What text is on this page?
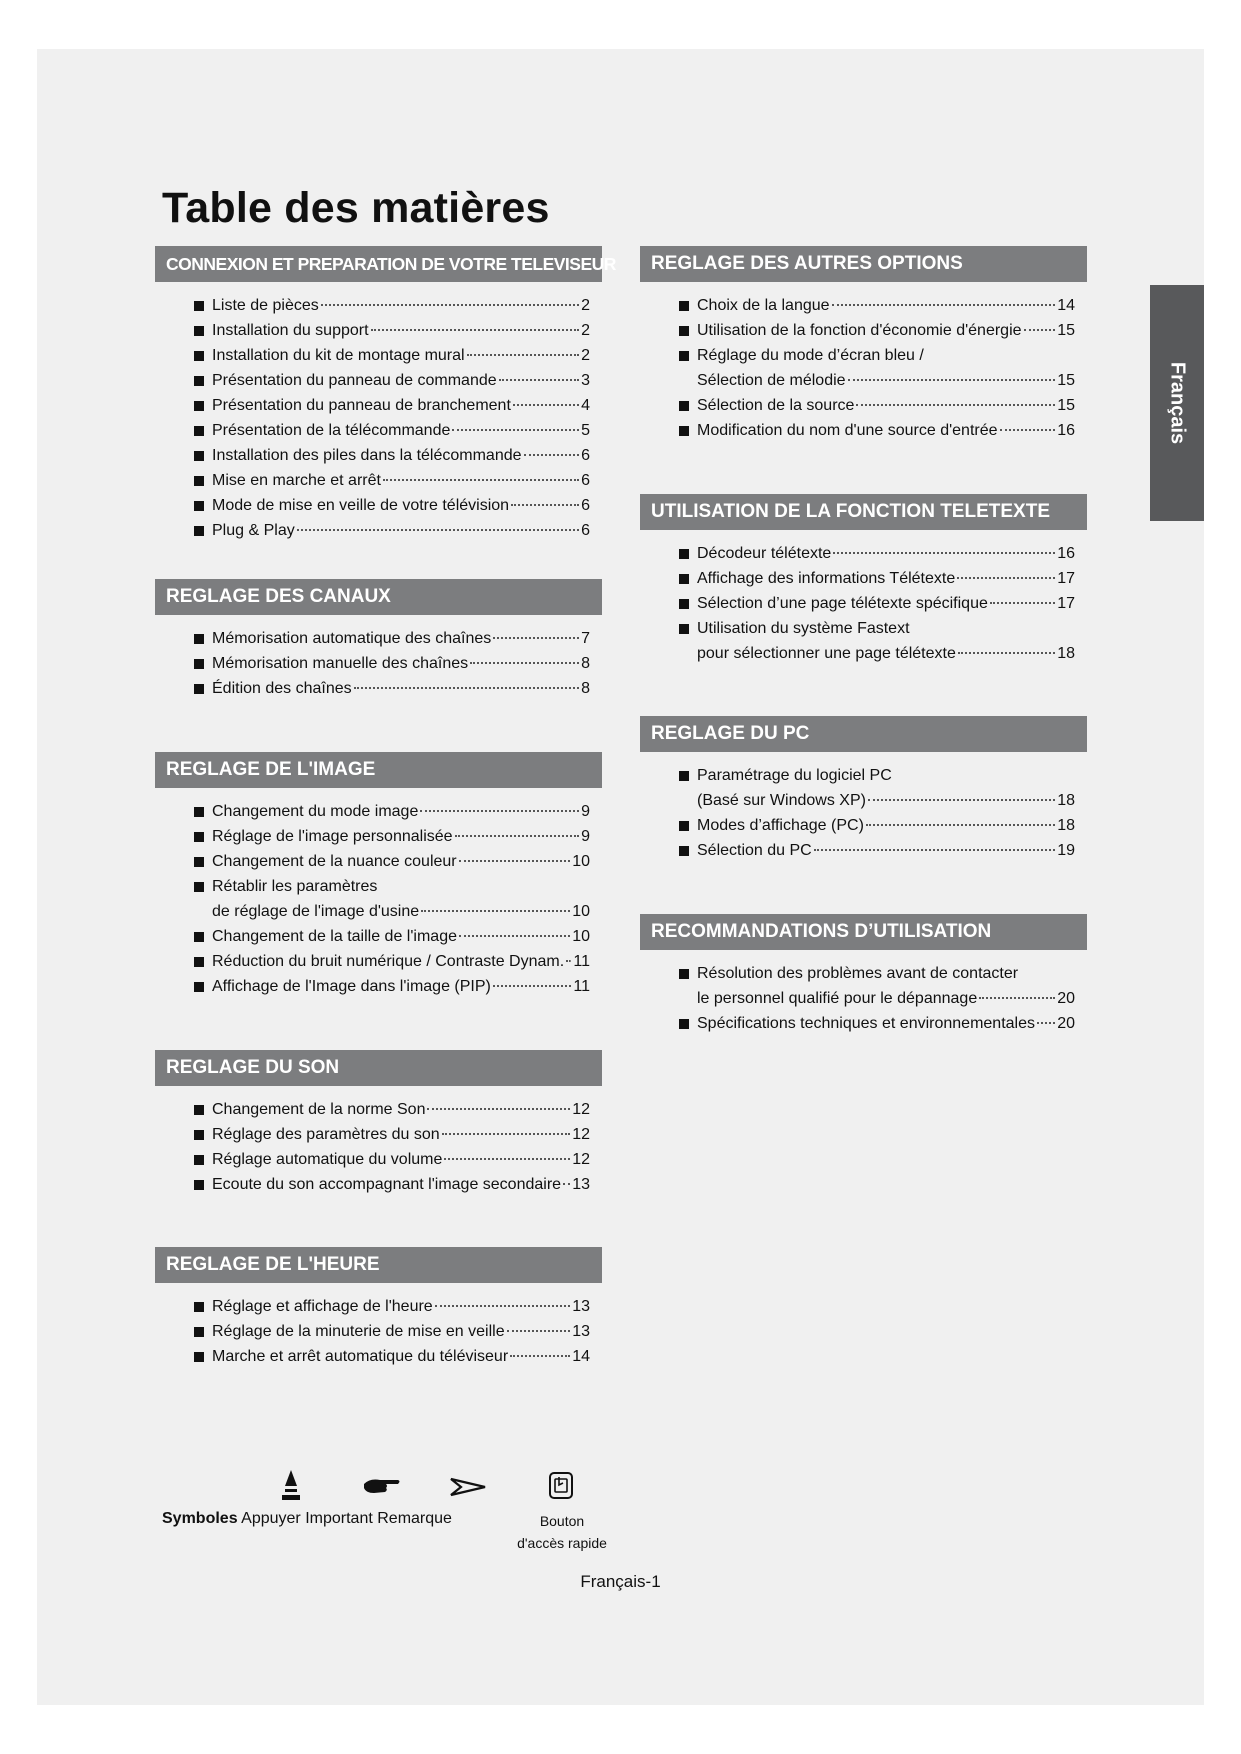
Table des matières
Français
CONNEXION ET PREPARATION DE VOTRE TELEVISEUR
Liste de pièces	2
Installation du support	2
Installation du kit de montage mural	2
Présentation du panneau de commande	3
Présentation du panneau de branchement	4
Présentation de la télécommande	5
Installation des piles dans la télécommande	6
Mise en marche et arrêt	6
Mode de mise en veille de votre télévision	6
Plug & Play	6
REGLAGE DES CANAUX
Mémorisation automatique des chaînes	7
Mémorisation manuelle des chaînes	8
Édition des chaînes	8
REGLAGE DE L'IMAGE
Changement du mode image	9
Réglage de l'image personnalisée	9
Changement de la nuance couleur	10
Rétablir les paramètres
de réglage de l'image d'usine	10
Changement de la taille de l'image	10
Réduction du bruit numérique / Contraste Dynam. 11
Affichage de l'Image dans l'image (PIP)	11
REGLAGE DU SON
Changement de la norme Son	12
Réglage des paramètres du son	12
Réglage automatique du volume	12
Ecoute du son accompagnant l'image secondaire 13
REGLAGE DE L'HEURE
Réglage et affichage de l'heure	13
Réglage de la minuterie de mise en veille	13
Marche et arrêt automatique du téléviseur	14
REGLAGE DES AUTRES OPTIONS
Choix de la langue	14
Utilisation de la fonction d'économie d'énergie 15
Réglage du mode d’écran bleu /
Sélection de mélodie	15
Sélection de la source	15
Modification du nom d'une source d'entrée	16
UTILISATION DE LA FONCTION TELETEXTE
Décodeur télétexte	16
Affichage des informations Télétexte	17
Sélection d’une page télétexte spécifique	17
Utilisation du système Fastext
pour sélectionner une page télétexte	18
REGLAGE DU PC
Paramétrage du logiciel PC
(Basé sur Windows XP)	18
Modes d’affichage (PC)	18
Sélection du PC	19
RECOMMANDATIONS D’UTILISATION
Résolution des problèmes avant de contacter
le personnel qualifié pour le dépannage	20
Spécifications techniques et environnementales 20
Symboles Appuyer Important Remarque	Bouton
d'accès rapide
Français-1
